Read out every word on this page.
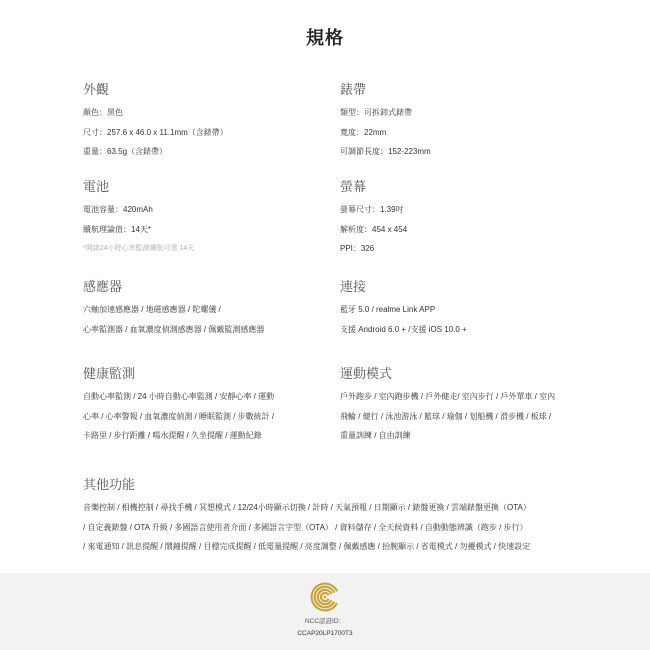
規格
外觀
顏色：黑色
尺寸：257.6 x 46.0 x 11.1mm（含錶帶）
重量：63.5g（含錶帶）
錶帶
類型：可拆卸式錶帶
寬度：22mm
可調節長度：152-223mm
電池
電池容量：420mAh
續航理論值：14天*
*開啟24小時心率監測續航可達 14天
螢幕
螢幕尺寸：1.39吋
解析度：454 x 454
PPI：326
感應器
六軸加速感應器 / 地磁感應器 / 陀螺儀 /
心率監測器 / 血氧濃度偵測感應器 / 佩戴監測感應器
連接
藍牙 5.0 / realme Link APP
支援 Android 6.0 + /支援 iOS 10.0 +
健康監測
自動心率監測 / 24 小時自動心率監測 / 安靜心率 / 運動
心率 / 心率警報 / 血氧濃度偵測 / 睡眠監測 / 步數統計 /
卡路里 / 步行距離 / 喝水提醒 / 久坐提醒 / 運動紀錄
運動模式
戶外跑步 / 室內跑步機 / 戶外健走/ 室內步行 / 戶外單車 / 室內
飛輪 / 健行 / 泳池游泳 / 籃球 / 瑜伽 / 划船機 / 滑步機 / 板球 /
重量訓練 / 自由訓練
其他功能
音樂控制 / 相機控制 / 尋找手機 / 冥想模式 / 12/24小時顯示切換 / 計時 / 天氣預報 / 日期顯示 / 錶盤更換 / 雲端錶盤更換（OTA）
/ 自定義錶盤 / OTA 升級 / 多國語言使用者介面 / 多國語言字型（OTA） / 資料儲存 / 全天候資料 / 自動動態辨識（跑步 / 步行）
/ 來電通知 / 訊息提醒 / 鬧鐘提醒 / 目標完成提醒 / 低電量提醒 / 亮度調整 / 佩戴感應 / 抬腕顯示 / 省電模式 / 勿擾模式 / 快速設定
NCC認證ID：
CCAP20LP1700T3
